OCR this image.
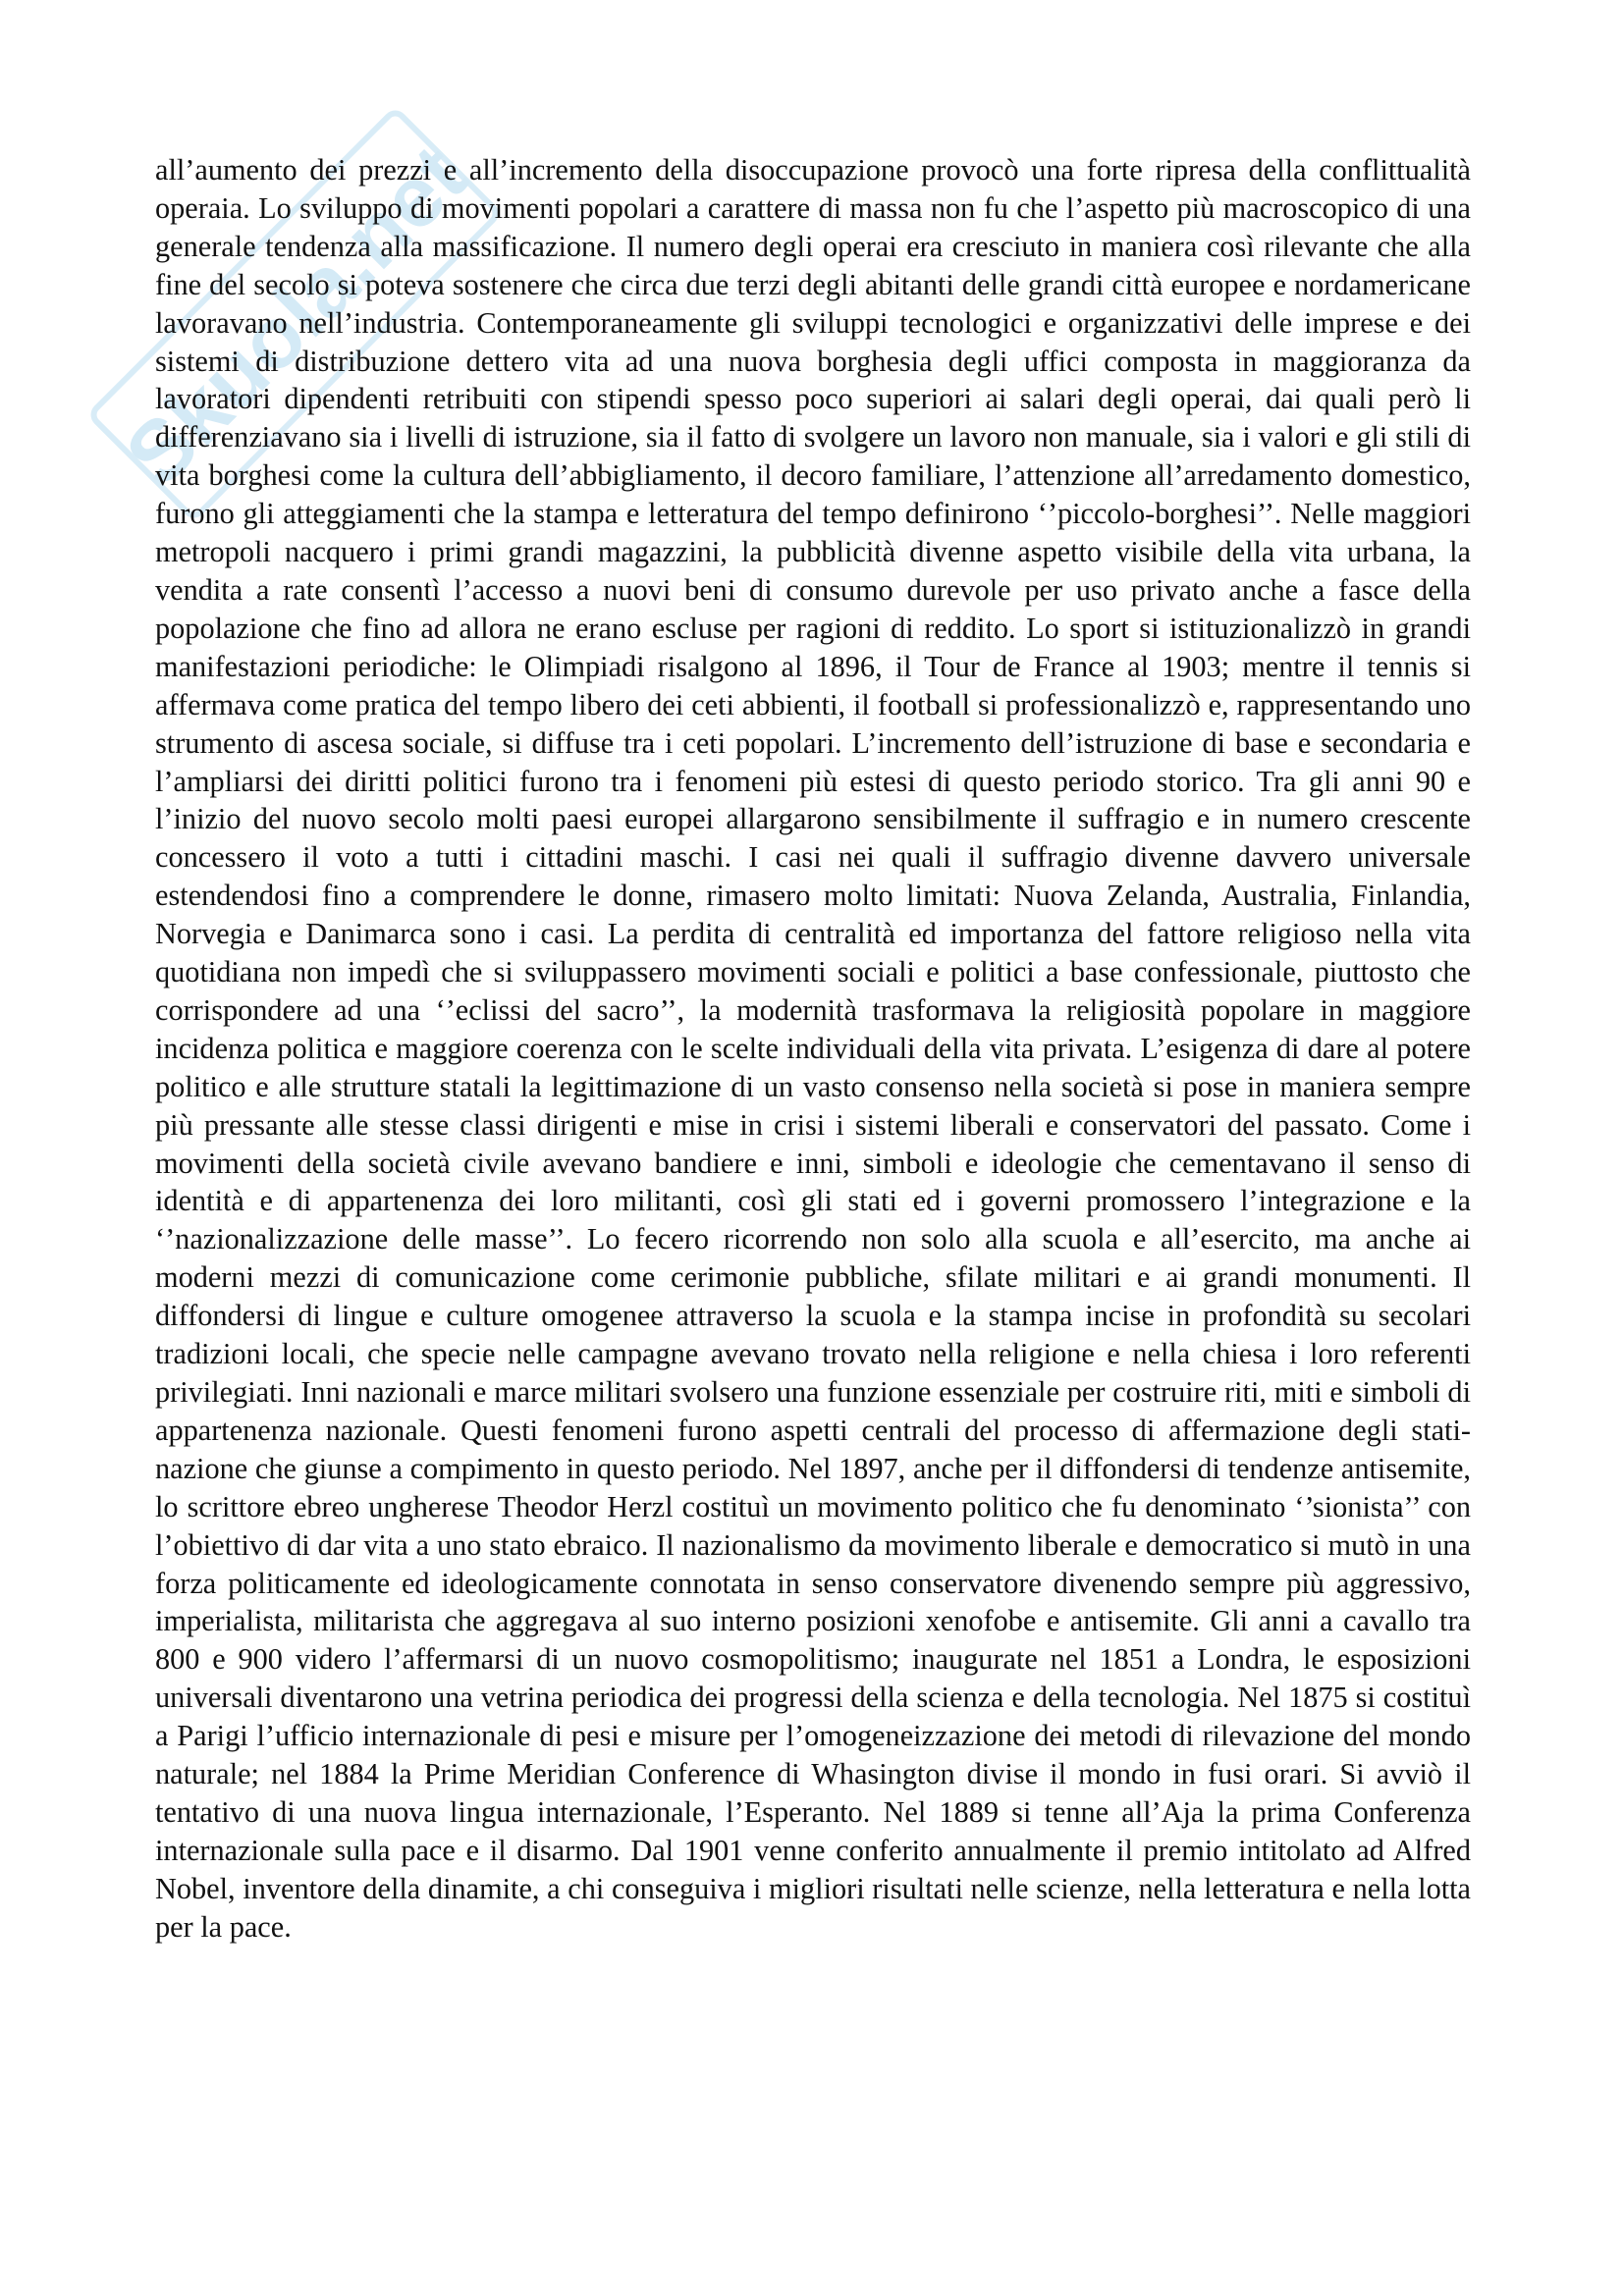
Skuola.net

all’aumento dei prezzi e all’incremento della disoccupazione provocò una forte ripresa della conflittualità operaia. Lo sviluppo di movimenti popolari a carattere di massa non fu che l’aspetto più macroscopico di una generale tendenza alla massificazione. Il numero degli operai era cresciuto in maniera così rilevante che alla fine del secolo si poteva sostenere che circa due terzi degli abitanti delle grandi città europee e nordamericane lavoravano nell’industria. Contemporaneamente gli sviluppi tecnologici e organizzativi delle imprese e dei sistemi di distribuzione dettero vita ad una nuova borghesia degli uffici composta in maggioranza da lavoratori dipendenti retribuiti con stipendi spesso poco superiori ai salari degli operai, dai quali però li differenziavano sia i livelli di istruzione, sia il fatto di svolgere un lavoro non manuale, sia i valori e gli stili di vita borghesi come la cultura dell’abbigliamento, il decoro familiare, l’attenzione all’arredamento domestico, furono gli atteggiamenti che la stampa e letteratura del tempo definirono ‘’piccolo-borghesi’’. Nelle maggiori metropoli nacquero i primi grandi magazzini, la pubblicità divenne aspetto visibile della vita urbana, la vendita a rate consentì l’accesso a nuovi beni di consumo durevole per uso privato anche a fasce della popolazione che fino ad allora ne erano escluse per ragioni di reddito. Lo sport si istituzionalizzò in grandi manifestazioni periodiche: le Olimpiadi risalgono al 1896, il Tour de France al 1903; mentre il tennis si affermava come pratica del tempo libero dei ceti abbienti, il football si professionalizzò e, rappresentando uno strumento di ascesa sociale, si diffuse tra i ceti popolari. L’incremento dell’istruzione di base e secondaria e l’ampliarsi dei diritti politici furono tra i fenomeni più estesi di questo periodo storico. Tra gli anni 90 e l’inizio del nuovo secolo molti paesi europei allargarono sensibilmente il suffragio e in numero crescente concessero il voto a tutti i cittadini maschi. I casi nei quali il suffragio divenne davvero universale estendendosi fino a comprendere le donne, rimasero molto limitati: Nuova Zelanda, Australia, Finlandia, Norvegia e Danimarca sono i casi. La perdita di centralità ed importanza del fattore religioso nella vita quotidiana non impedì che si sviluppassero movimenti sociali e politici a base confessionale, piuttosto che corrispondere ad una ‘’eclissi del sacro’’, la modernità trasformava la religiosità popolare in maggiore incidenza politica e maggiore coerenza con le scelte individuali della vita privata. L’esigenza di dare al potere politico e alle strutture statali la legittimazione di un vasto consenso nella società si pose in maniera sempre più pressante alle stesse classi dirigenti e mise in crisi i sistemi liberali e conservatori del passato. Come i movimenti della società civile avevano bandiere e inni, simboli e ideologie che cementavano il senso di identità e di appartenenza dei loro militanti, così gli stati ed i governi promossero l’integrazione e la ‘’nazionalizzazione delle masse’’. Lo fecero ricorrendo non solo alla scuola e all’esercito, ma anche ai moderni mezzi di comunicazione come cerimonie pubbliche, sfilate militari e ai grandi monumenti. Il diffondersi di lingue e culture omogenee attraverso la scuola e la stampa incise in profondità su secolari tradizioni locali, che specie nelle campagne avevano trovato nella religione e nella chiesa i loro referenti privilegiati. Inni nazionali e marce militari svolsero una funzione essenziale per costruire riti, miti e simboli di appartenenza nazionale. Questi fenomeni furono aspetti centrali del processo di affermazione degli stati-nazione che giunse a compimento in questo periodo. Nel 1897, anche per il diffondersi di tendenze antisemite, lo scrittore ebreo ungherese Theodor Herzl costituì un movimento politico che fu denominato ‘’sionista’’ con l’obiettivo di dar vita a uno stato ebraico. Il nazionalismo da movimento liberale e democratico si mutò in una forza politicamente ed ideologicamente connotata in senso conservatore divenendo sempre più aggressivo, imperialista, militarista che aggregava al suo interno posizioni xenofobe e antisemite. Gli anni a cavallo tra 800 e 900 videro l’affermarsi di un nuovo cosmopolitismo; inaugurate nel 1851 a Londra, le esposizioni universali diventarono una vetrina periodica dei progressi della scienza e della tecnologia. Nel 1875 si costituì a Parigi l’ufficio internazionale di pesi e misure per l’omogeneizzazione dei metodi di rilevazione del mondo naturale; nel 1884 la Prime Meridian Conference di Whasington divise il mondo in fusi orari. Si avviò il tentativo di una nuova lingua internazionale, l’Esperanto. Nel 1889 si tenne all’Aja la prima Conferenza internazionale sulla pace e il disarmo. Dal 1901 venne conferito annualmente il premio intitolato ad Alfred Nobel, inventore della dinamite, a chi conseguiva i migliori risultati nelle scienze, nella letteratura e nella lotta per la pace.
